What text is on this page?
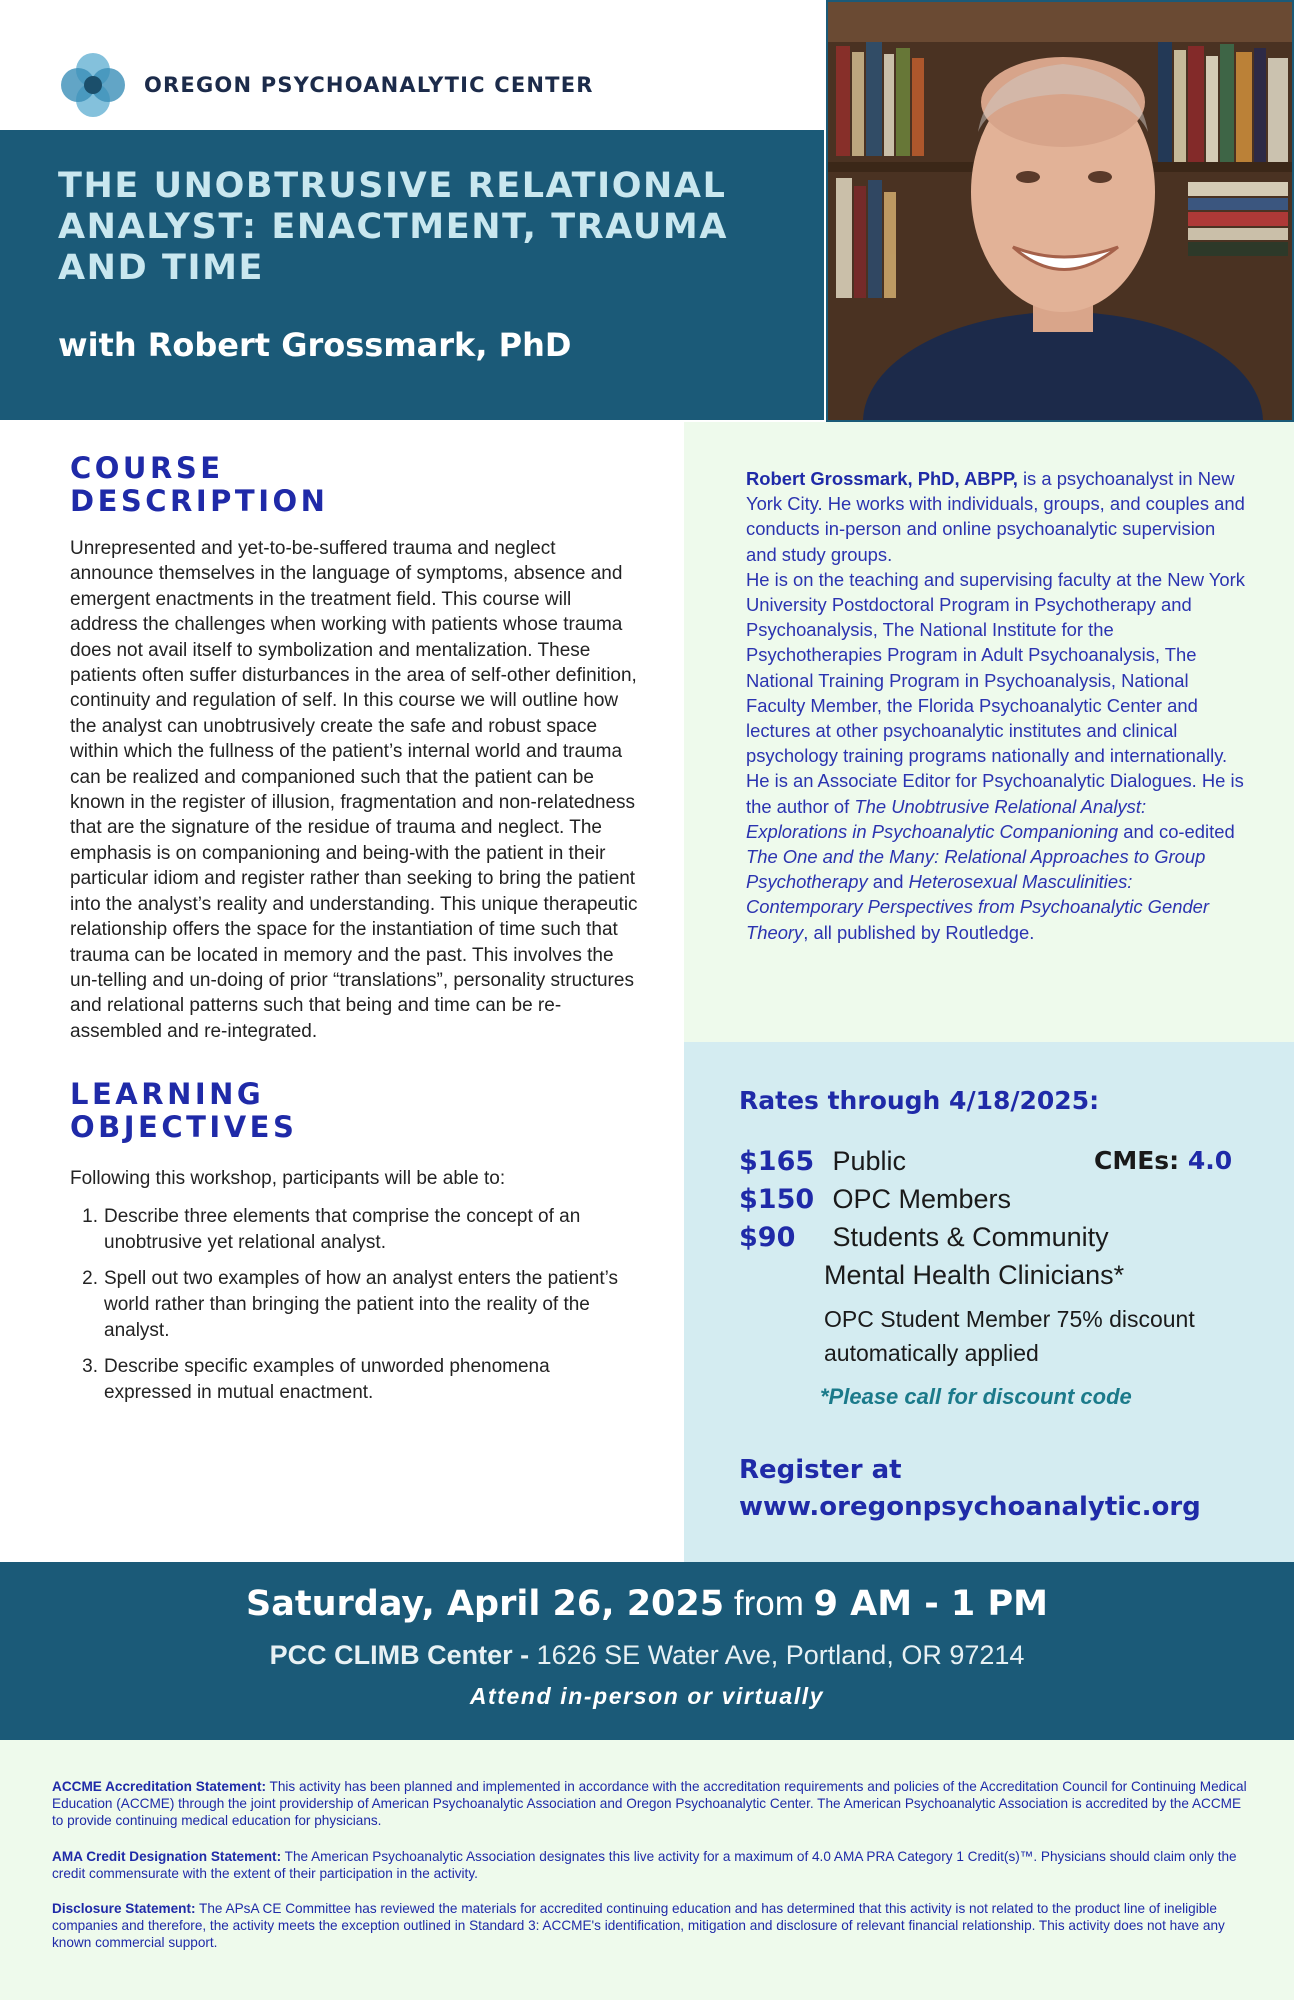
OREGON PSYCHOANALYTIC CENTER
THE UNOBTRUSIVE RELATIONAL ANALYST: ENACTMENT, TRAUMA AND TIME
with Robert Grossmark, PhD
COURSE DESCRIPTION
Unrepresented and yet-to-be-suffered trauma and neglect announce themselves in the language of symptoms, absence and emergent enactments in the treatment field. This course will address the challenges when working with patients whose trauma does not avail itself to symbolization and mentalization. These patients often suffer disturbances in the area of self-other definition, continuity and regulation of self. In this course we will outline how the analyst can unobtrusively create the safe and robust space within which the fullness of the patient’s internal world and trauma can be realized and companioned such that the patient can be known in the register of illusion, fragmentation and non-relatedness that are the signature of the residue of trauma and neglect. The emphasis is on companioning and being-with the patient in their particular idiom and register rather than seeking to bring the patient into the analyst’s reality and understanding. This unique therapeutic relationship offers the space for the instantiation of time such that trauma can be located in memory and the past. This involves the un-telling and un-doing of prior “translations”, personality structures and relational patterns such that being and time can be re-assembled and re-integrated.
LEARNING OBJECTIVES
Following this workshop, participants will be able to:
1. Describe three elements that comprise the concept of an unobtrusive yet relational analyst.
2. Spell out two examples of how an analyst enters the patient’s world rather than bringing the patient into the reality of the analyst.
3. Describe specific examples of unworded phenomena expressed in mutual enactment.
Robert Grossmark, PhD, ABPP, is a psychoanalyst in New York City. He works with individuals, groups, and couples and conducts in-person and online psychoanalytic supervision and study groups.
He is on the teaching and supervising faculty at the New York University Postdoctoral Program in Psychotherapy and Psychoanalysis, The National Institute for the Psychotherapies Program in Adult Psychoanalysis, The National Training Program in Psychoanalysis, National Faculty Member, the Florida Psychoanalytic Center and lectures at other psychoanalytic institutes and clinical psychology training programs nationally and internationally.
He is an Associate Editor for Psychoanalytic Dialogues. He is the author of The Unobtrusive Relational Analyst: Explorations in Psychoanalytic Companioning and co-edited The One and the Many: Relational Approaches to Group Psychotherapy and Heterosexual Masculinities: Contemporary Perspectives from Psychoanalytic Gender Theory, all published by Routledge.
Rates through 4/18/2025:
$165 Public	CMEs: 4.0
$150 OPC Members
$90 Students & Community
Mental Health Clinicians*
OPC Student Member 75% discount automatically applied
*Please call for discount code
Register at
www.oregonpsychoanalytic.org
Saturday, April 26, 2025 from 9 AM - 1 PM
PCC CLIMB Center - 1626 SE Water Ave, Portland, OR 97214
Attend in-person or virtually
ACCME Accreditation Statement: This activity has been planned and implemented in accordance with the accreditation requirements and policies of the Accreditation Council for Continuing Medical Education (ACCME) through the joint providership of American Psychoanalytic Association and Oregon Psychoanalytic Center. The American Psychoanalytic Association is accredited by the ACCME to provide continuing medical education for physicians.
AMA Credit Designation Statement: The American Psychoanalytic Association designates this live activity for a maximum of 4.0 AMA PRA Category 1 Credit(s)™. Physicians should claim only the credit commensurate with the extent of their participation in the activity.
Disclosure Statement: The APsA CE Committee has reviewed the materials for accredited continuing education and has determined that this activity is not related to the product line of ineligible companies and therefore, the activity meets the exception outlined in Standard 3: ACCME's identification, mitigation and disclosure of relevant financial relationship. This activity does not have any known commercial support.
